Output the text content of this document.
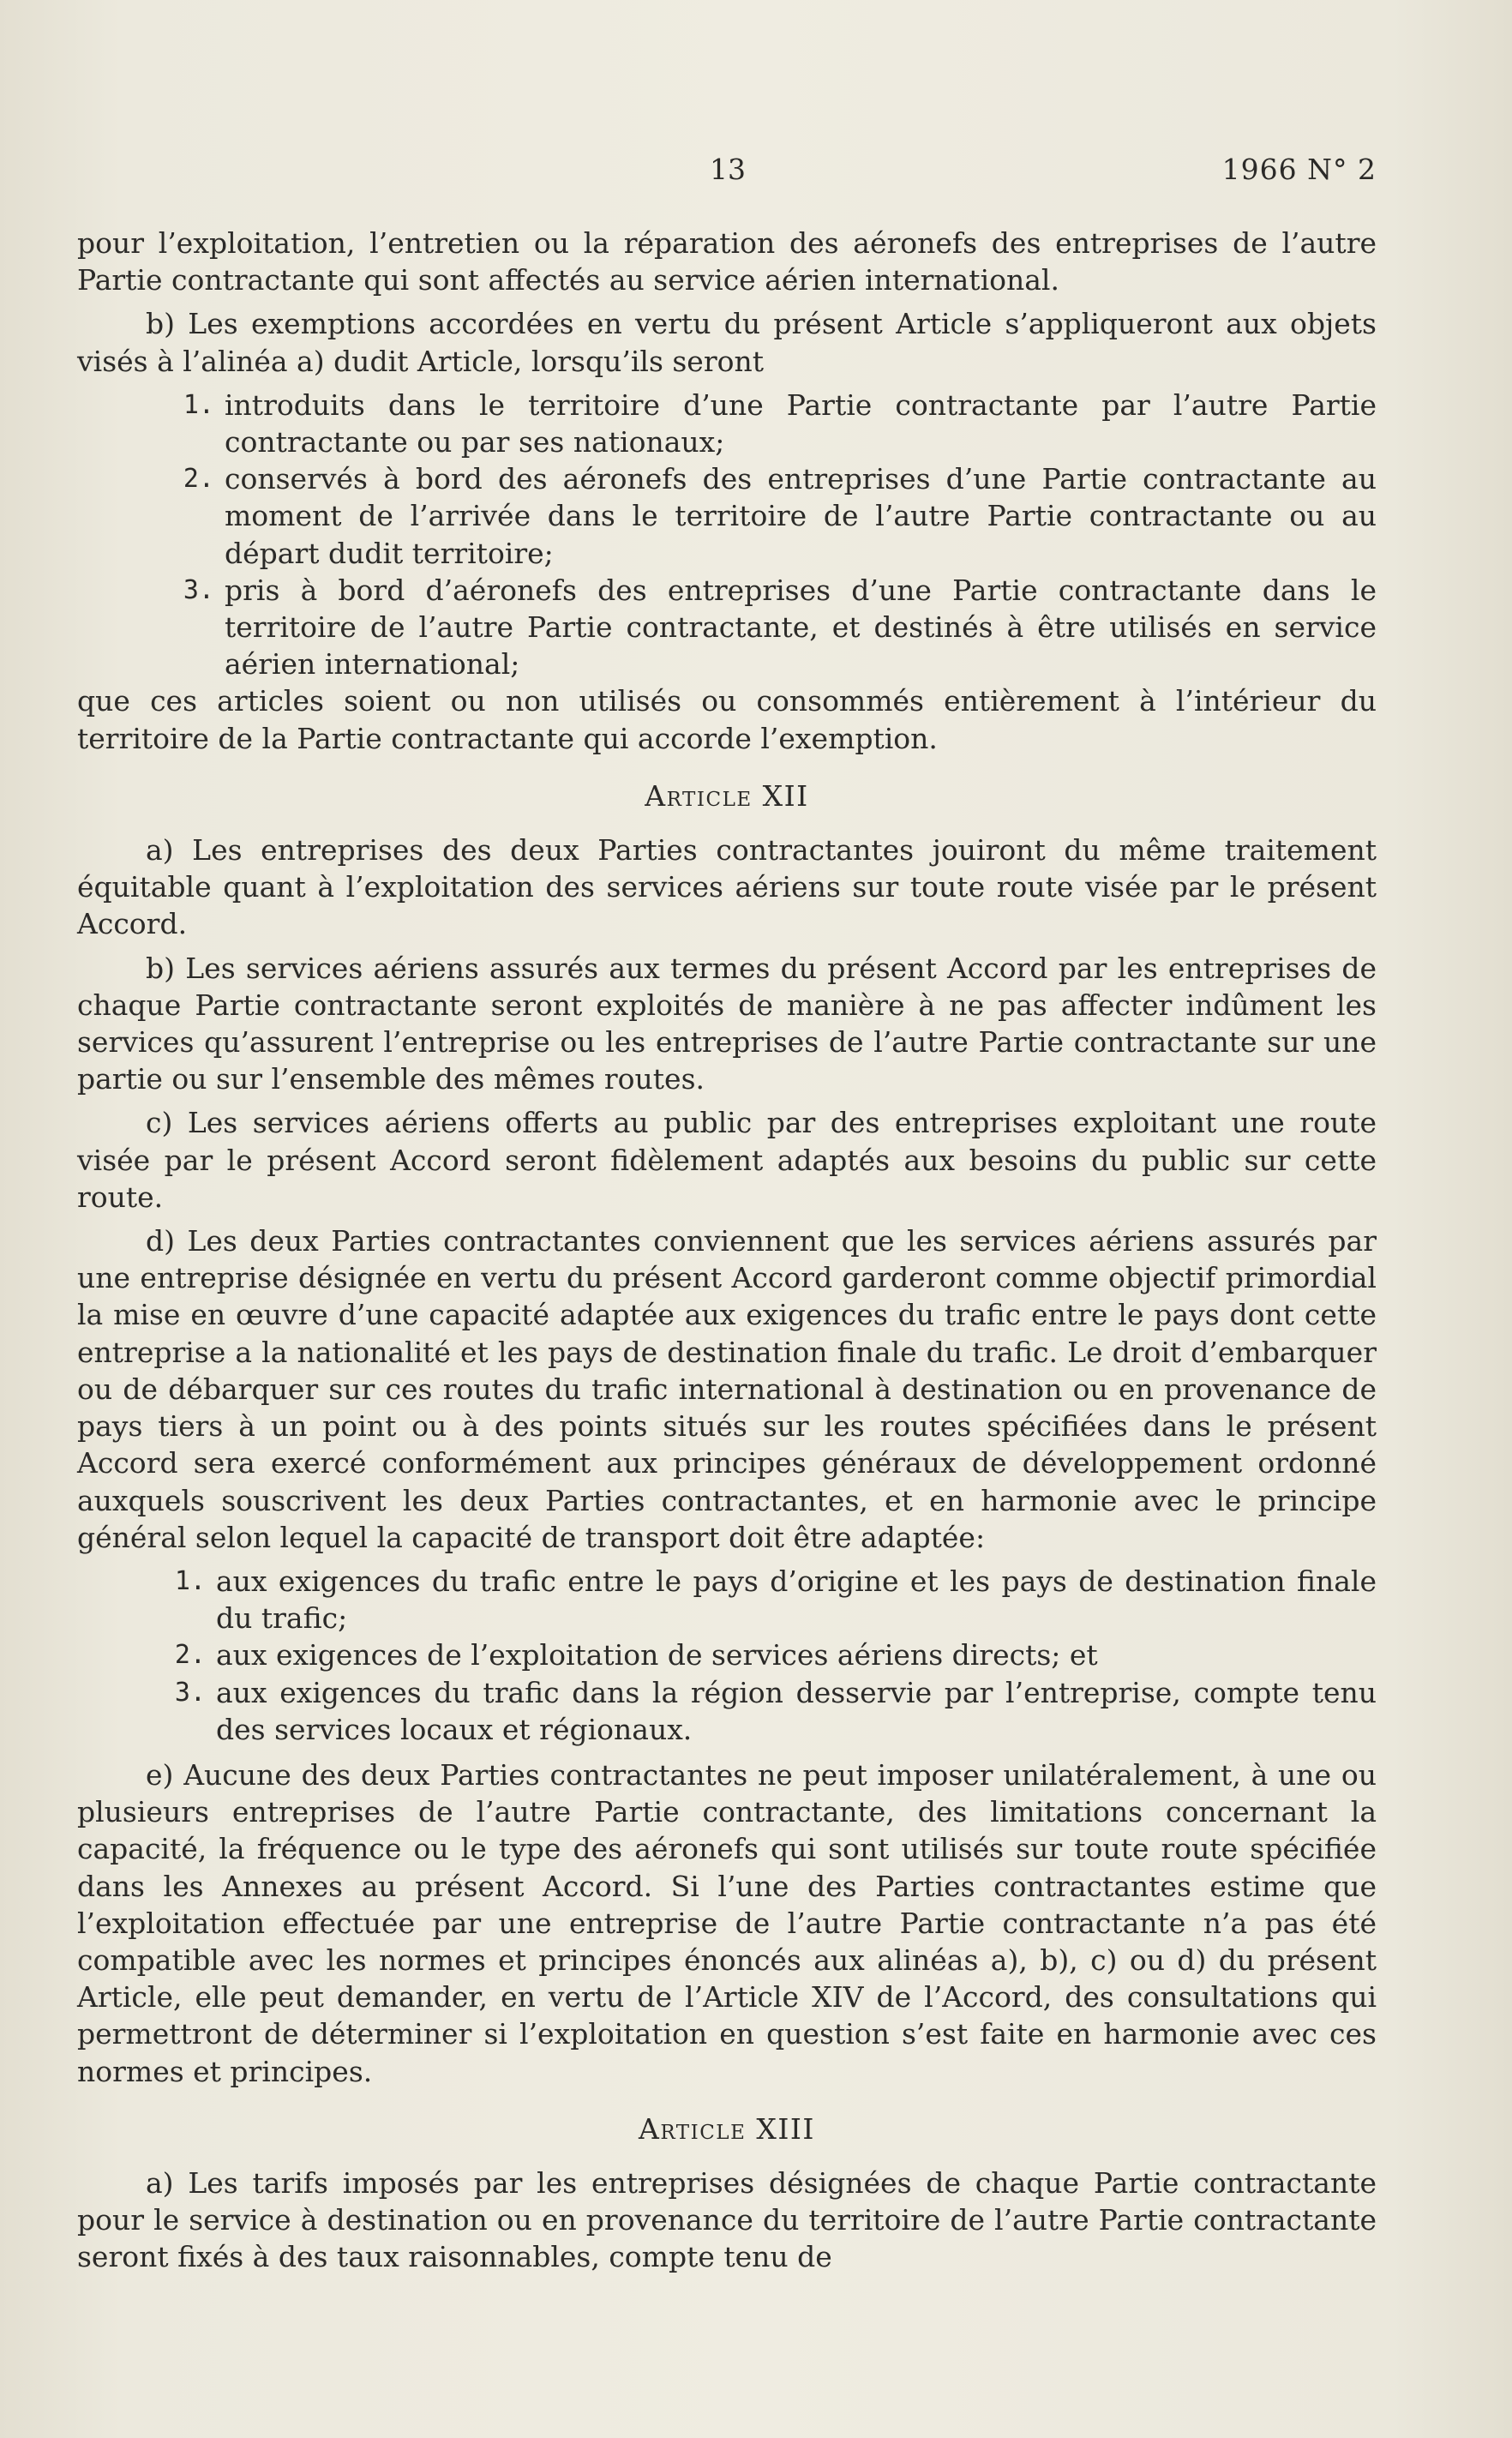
13	1966 N° 2

pour l’exploitation, l’entretien ou la réparation des aéronefs des entreprises de l’autre Partie contractante qui sont affectés au service aérien international.

b) Les exemptions accordées en vertu du présent Article s’appliqueront aux objets visés à l’alinéa a) dudit Article, lorsqu’ils seront

1. introduits dans le territoire d’une Partie contractante par l’autre Partie contractante ou par ses nationaux;
2. conservés à bord des aéronefs des entreprises d’une Partie contractante au moment de l’arrivée dans le territoire de l’autre Partie contractante ou au départ dudit territoire;
3. pris à bord d’aéronefs des entreprises d’une Partie contractante dans le territoire de l’autre Partie contractante, et destinés à être utilisés en service aérien international;

que ces articles soient ou non utilisés ou consommés entièrement à l’intérieur du territoire de la Partie contractante qui accorde l’exemption.

Article XII

a) Les entreprises des deux Parties contractantes jouiront du même traitement équitable quant à l’exploitation des services aériens sur toute route visée par le présent Accord.

b) Les services aériens assurés aux termes du présent Accord par les entreprises de chaque Partie contractante seront exploités de manière à ne pas affecter indûment les services qu’assurent l’entreprise ou les entreprises de l’autre Partie contractante sur une partie ou sur l’ensemble des mêmes routes.

c) Les services aériens offerts au public par des entreprises exploitant une route visée par le présent Accord seront fidèlement adaptés aux besoins du public sur cette route.

d) Les deux Parties contractantes conviennent que les services aériens assurés par une entreprise désignée en vertu du présent Accord garderont comme objectif primordial la mise en œuvre d’une capacité adaptée aux exigences du trafic entre le pays dont cette entreprise a la nationalité et les pays de destination finale du trafic. Le droit d’embarquer ou de débarquer sur ces routes du trafic international à destination ou en provenance de pays tiers à un point ou à des points situés sur les routes spécifiées dans le présent Accord sera exercé conformément aux principes généraux de développement ordonné auxquels souscrivent les deux Parties contractantes, et en harmonie avec le principe général selon lequel la capacité de transport doit être adaptée:

1. aux exigences du trafic entre le pays d’origine et les pays de destination finale du trafic;
2. aux exigences de l’exploitation de services aériens directs; et
3. aux exigences du trafic dans la région desservie par l’entreprise, compte tenu des services locaux et régionaux.

e) Aucune des deux Parties contractantes ne peut imposer unilatéralement, à une ou plusieurs entreprises de l’autre Partie contractante, des limitations concernant la capacité, la fréquence ou le type des aéronefs qui sont utilisés sur toute route spécifiée dans les Annexes au présent Accord. Si l’une des Parties contractantes estime que l’exploitation effectuée par une entreprise de l’autre Partie contractante n’a pas été compatible avec les normes et principes énoncés aux alinéas a), b), c) ou d) du présent Article, elle peut demander, en vertu de l’Article XIV de l’Accord, des consultations qui permettront de déterminer si l’exploitation en question s’est faite en harmonie avec ces normes et principes.

Article XIII

a) Les tarifs imposés par les entreprises désignées de chaque Partie contractante pour le service à destination ou en provenance du territoire de l’autre Partie contractante seront fixés à des taux raisonnables, compte tenu de
